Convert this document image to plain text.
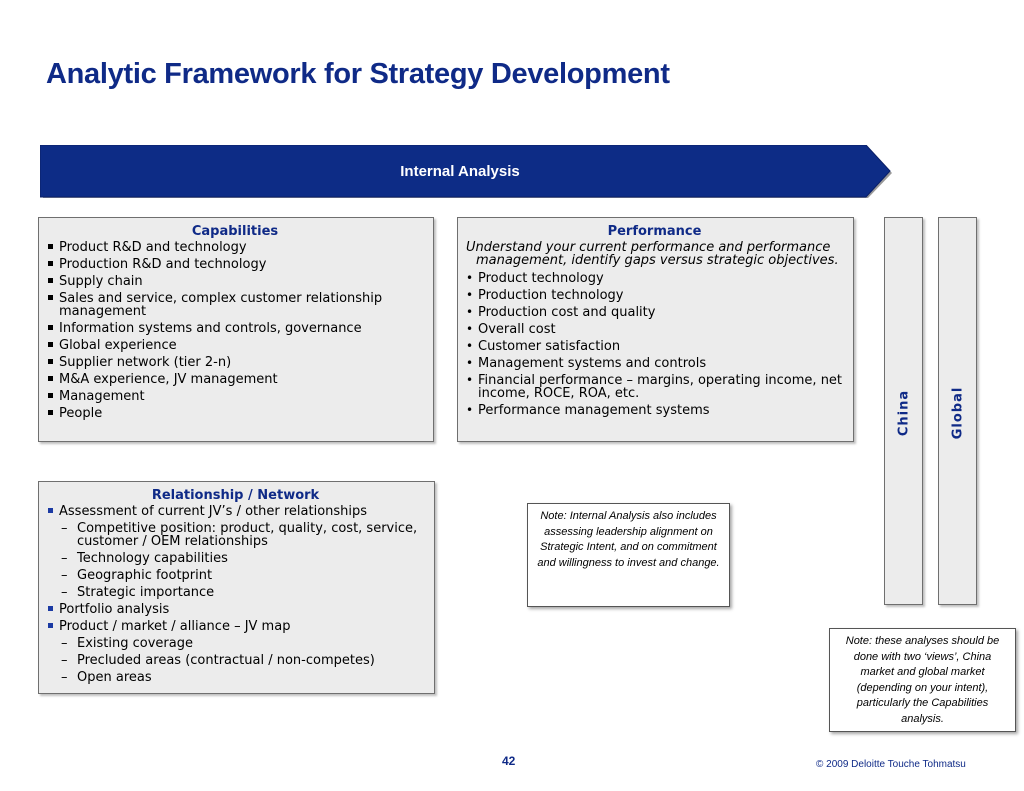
Analytic Framework for Strategy Development
Internal Analysis
Capabilities
Product R&D and technology
Production R&D and technology
Supply chain
Sales and service, complex customer relationship management
Information systems and controls, governance
Global experience
Supplier network (tier 2-n)
M&A experience, JV management
Management
People
Performance
Understand your current performance and performance management, identify gaps versus strategic objectives.
• Product technology
• Production technology
• Production cost and quality
• Overall cost
• Customer satisfaction
• Management systems and controls
• Financial performance – margins, operating income, net income, ROCE, ROA, etc.
• Performance management systems
Relationship / Network
Assessment of current JV’s / other relationships
– Competitive position: product, quality, cost, service, customer / OEM relationships
– Technology capabilities
– Geographic footprint
– Strategic importance
Portfolio analysis
Product / market / alliance – JV map
– Existing coverage
– Precluded areas (contractual / non-competes)
– Open areas
China	Global
Note: Internal Analysis also includes assessing leadership alignment on Strategic Intent, and on commitment and willingness to invest and change.
Note: these analyses should be done with two ‘views’, China market and global market (depending on your intent), particularly the Capabilities analysis.
42	© 2009 Deloitte Touche Tohmatsu
